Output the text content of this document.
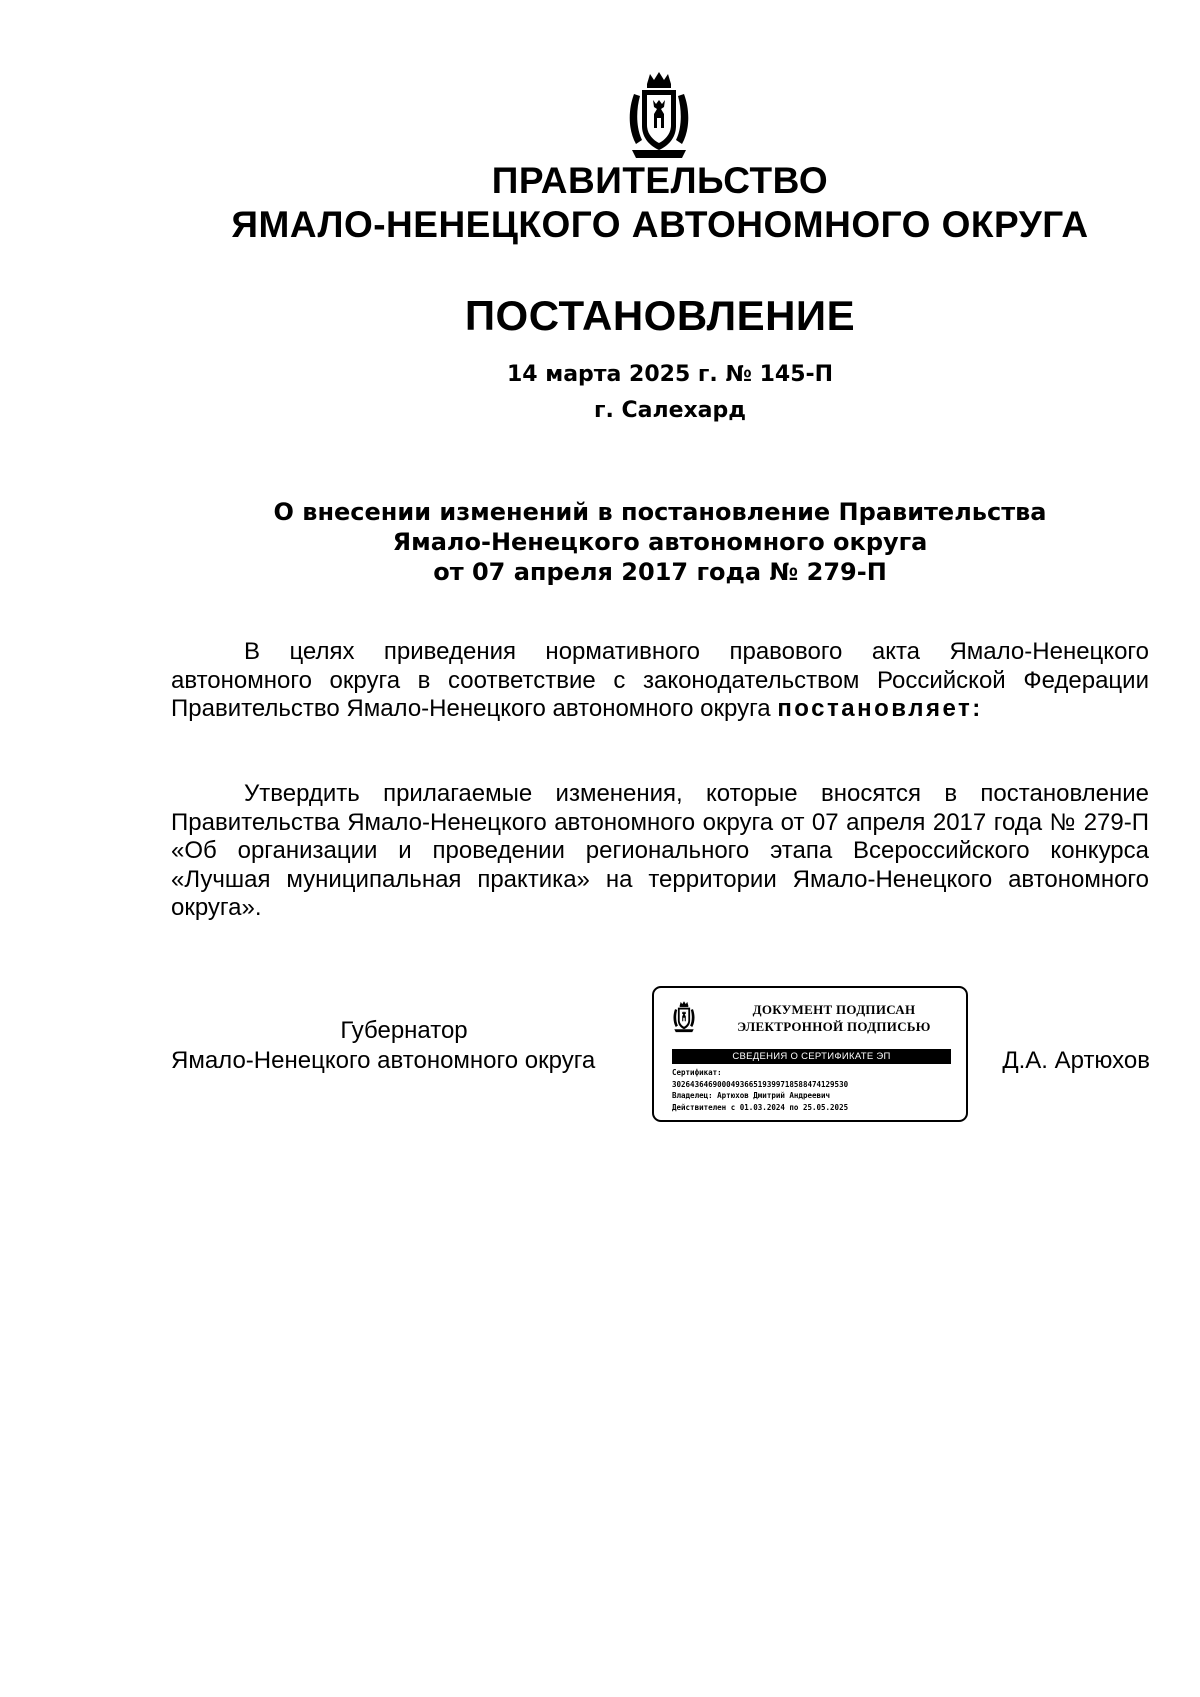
ПРАВИТЕЛЬСТВО
ЯМАЛО-НЕНЕЦКОГО АВТОНОМНОГО ОКРУГА
ПОСТАНОВЛЕНИЕ
14 марта 2025 г. № 145-П
г. Салехард
О внесении изменений в постановление Правительства
Ямало-Ненецкого автономного округа
от 07 апреля 2017 года № 279-П
В целях приведения нормативного правового акта Ямало-Ненецкого автономного округа в соответствие с законодательством Российской Федерации Правительство Ямало-Ненецкого автономного округа постановляет:
Утвердить прилагаемые изменения, которые вносятся в постановление Правительства Ямало-Ненецкого автономного округа от 07 апреля 2017 года № 279-П «Об организации и проведении регионального этапа Всероссийского конкурса «Лучшая муниципальная практика» на территории Ямало-Ненецкого автономного округа».
Губернатор
Ямало-Ненецкого автономного округа
ДОКУМЕНТ ПОДПИСАН
ЭЛЕКТРОННОЙ ПОДПИСЬЮ
СВЕДЕНИЯ О СЕРТИФИКАТЕ ЭП
Сертификат:
302643646900049366519399718588474129530
Владелец: Артюхов Дмитрий Андреевич
Действителен с 01.03.2024 по 25.05.2025
Д.А. Артюхов
